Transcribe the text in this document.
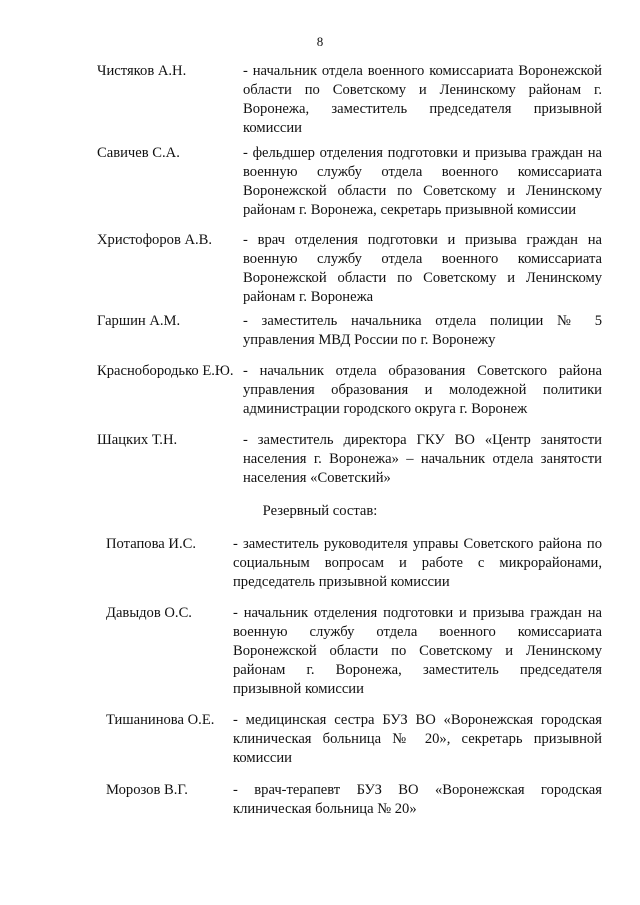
8
Чистяков А.Н.	- начальник отдела военного комиссариата Воронежской области по Советскому и Ленинскому районам г. Воронежа, заместитель председателя призывной комиссии
Савичев С.А.	- фельдшер отделения подготовки и призыва граждан на военную службу отдела военного комиссариата Воронежской области по Советскому и Ленинскому районам г. Воронежа, секретарь призывной комиссии
Христофоров А.В.	- врач отделения подготовки и призыва граждан на военную службу отдела военного комиссариата Воронежской области по Советскому и Ленинскому районам г. Воронежа
Гаршин А.М.	- заместитель начальника отдела полиции № 5 управления МВД России по г. Воронежу
Краснобородько Е.Ю. - начальник отдела образования Советского района управления образования и молодежной политики администрации городского округа г. Воронеж
Шацких Т.Н.	- заместитель директора ГКУ ВО «Центр занятости населения г. Воронежа» – начальник отдела занятости населения «Советский»
Резервный состав:
Потапова И.С.	- заместитель руководителя управы Советского района по социальным вопросам и работе с микрорайонами, председатель призывной комиссии
Давыдов О.С.	- начальник отделения подготовки и призыва граждан на военную службу отдела военного комиссариата Воронежской области по Советскому и Ленинскому районам г. Воронежа, заместитель председателя призывной комиссии
Тишанинова О.Е.	- медицинская сестра БУЗ ВО «Воронежская городская клиническая больница № 20», секретарь призывной комиссии
Морозов В.Г.	- врач-терапевт БУЗ ВО «Воронежская городская клиническая больница № 20»
